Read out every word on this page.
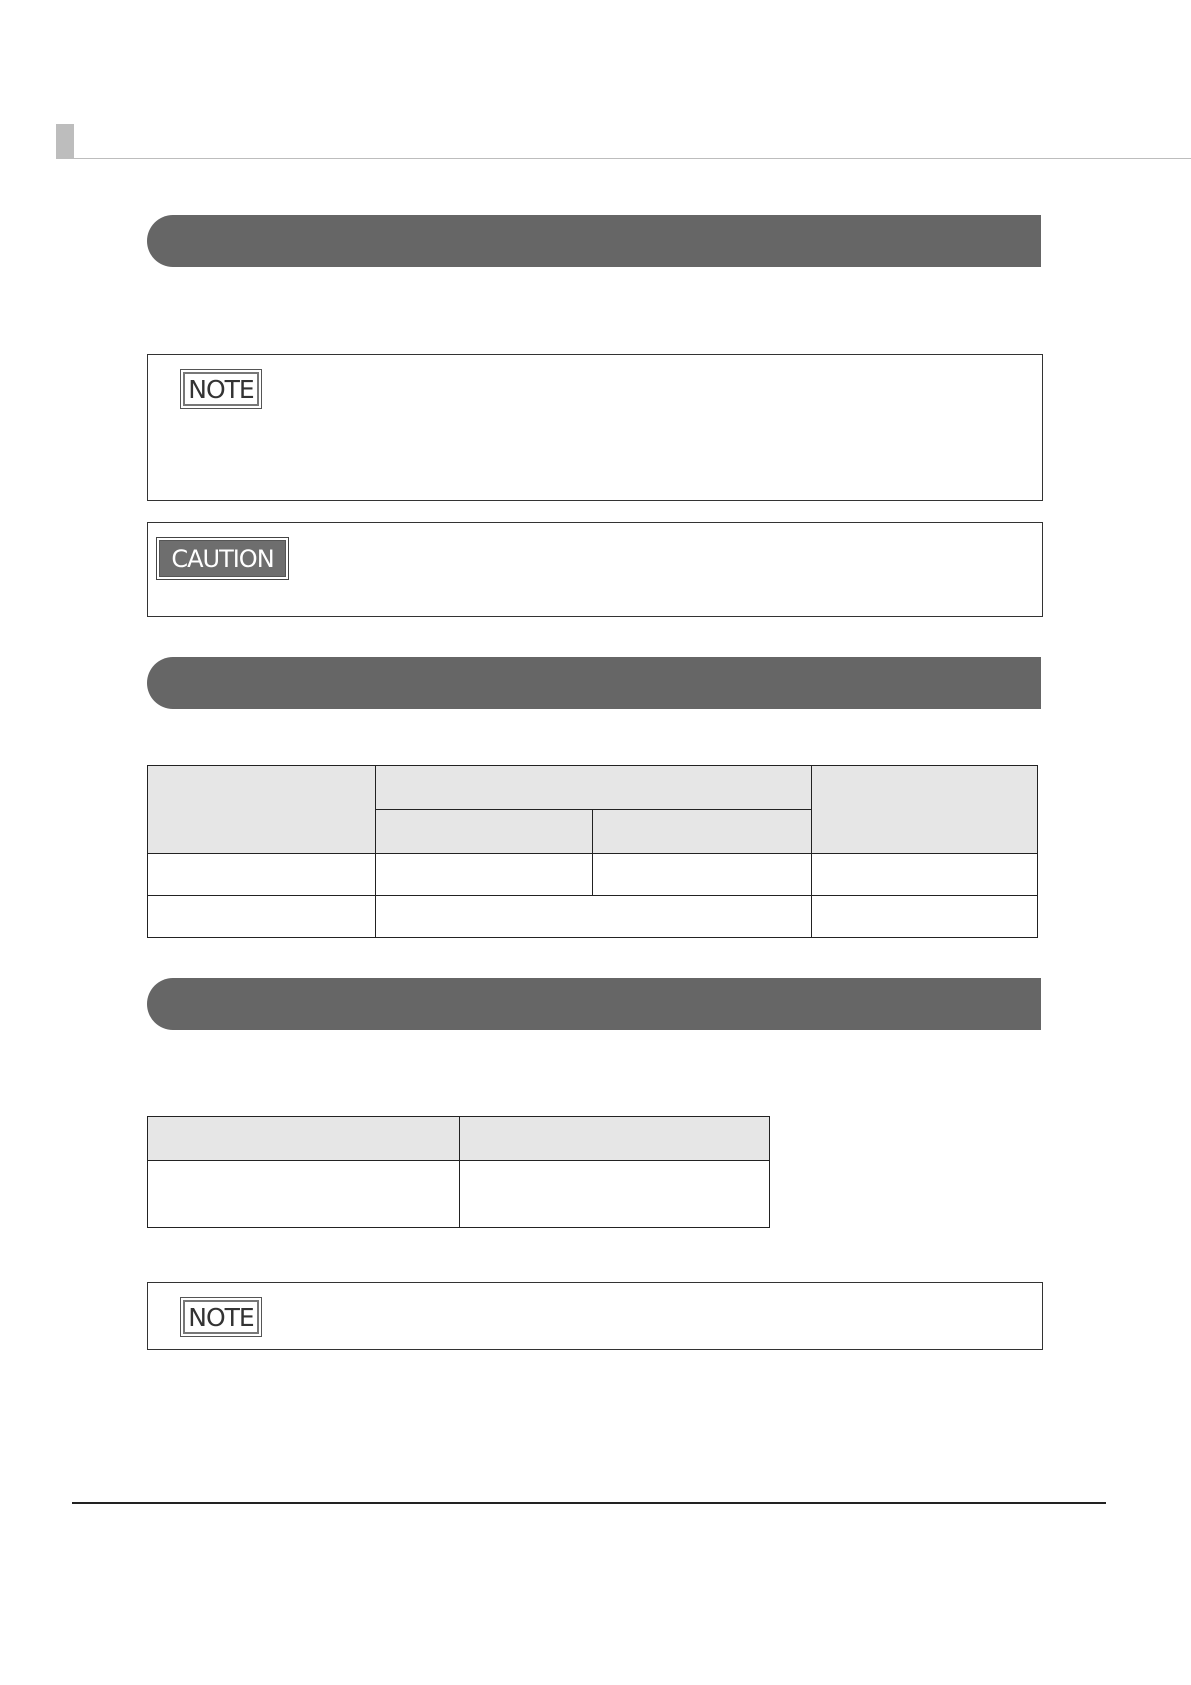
NOTE
CAUTION

NOTE
